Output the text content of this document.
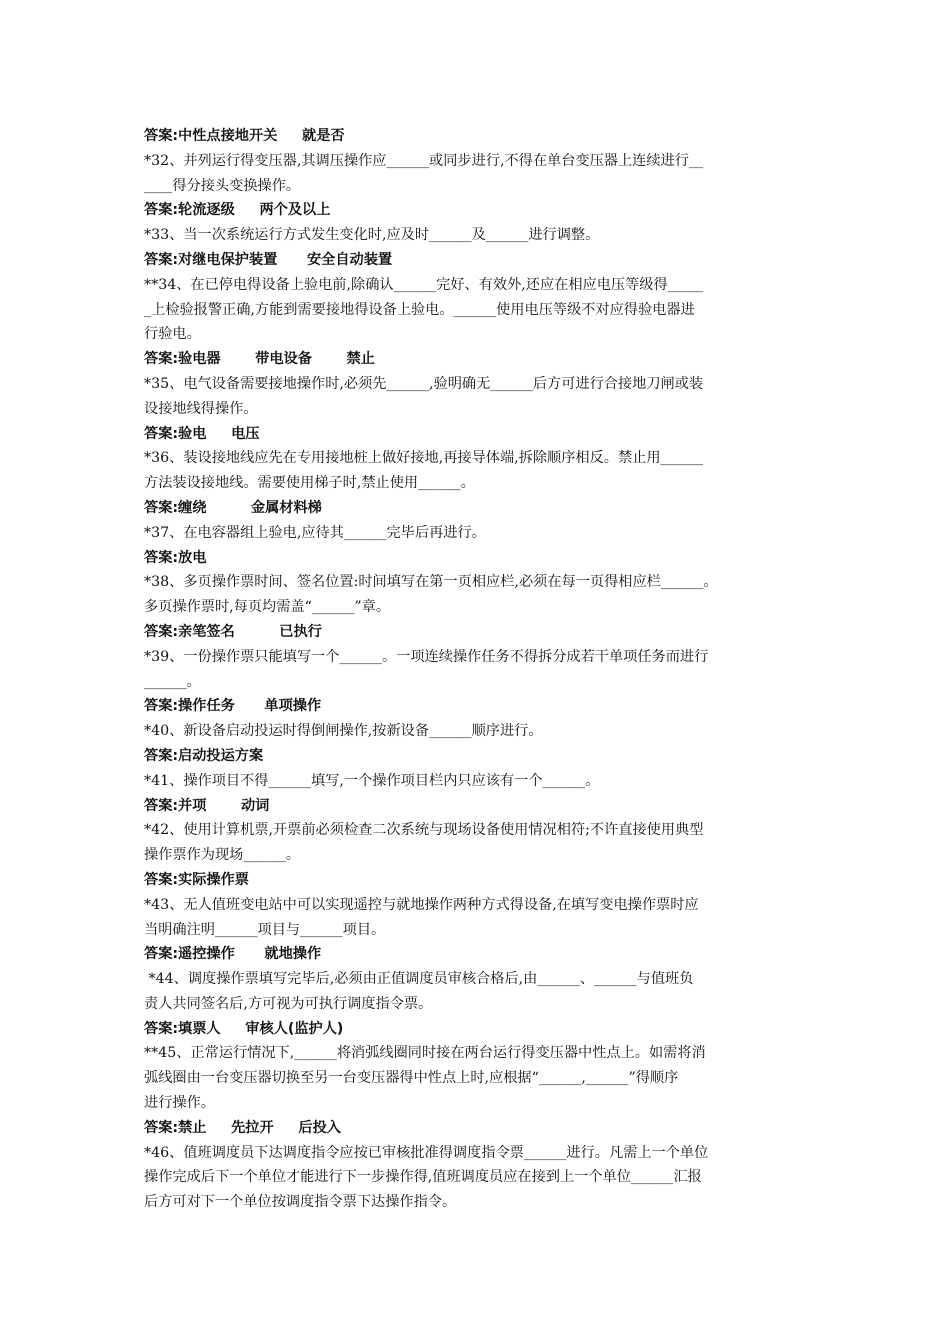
答案:中性点接地开关     就是否
*32、并列运行得变压器,其调压操作应______或同步进行,不得在单台变压器上连续进行__
____得分接头变换操作。
答案:轮流逐级     两个及以上
*33、当一次系统运行方式发生变化时,应及时______及______进行调整。
答案:对继电保护装置      安全自动装置
**34、在已停电得设备上验电前,除确认______完好、有效外,还应在相应电压等级得_____
_上检验报警正确,方能到需要接地得设备上验电。______使用电压等级不对应得验电器进
行验电。
答案:验电器       带电设备       禁止
*35、电气设备需要接地操作时,必须先______,验明确无______后方可进行合接地刀闸或装
设接地线得操作。
答案:验电     电压
*36、装设接地线应先在专用接地桩上做好接地,再接导体端,拆除顺序相反。禁止用______
方法装设接地线。需要使用梯子时,禁止使用______。
答案:缠绕         金属材料梯
*37、在电容器组上验电,应待其______完毕后再进行。
答案:放电
*38、多页操作票时间、签名位置:时间填写在第一页相应栏,必须在每一页得相应栏______。
多页操作票时,每页均需盖“______”章。
答案:亲笔签名         已执行
*39、一份操作票只能填写一个______。一项连续操作任务不得拆分成若干单项任务而进行
______。
答案:操作任务      单项操作
*40、新设备启动投运时得倒闸操作,按新设备______顺序进行。
答案:启动投运方案
*41、操作项目不得______填写,一个操作项目栏内只应该有一个______。
答案:并项       动词
*42、使用计算机票,开票前必须检查二次系统与现场设备使用情况相符;不许直接使用典型
操作票作为现场______。
答案:实际操作票
*43、无人值班变电站中可以实现遥控与就地操作两种方式得设备,在填写变电操作票时应
当明确注明______项目与______项目。
答案:遥控操作      就地操作
*44、调度操作票填写完毕后,必须由正值调度员审核合格后,由______、______与值班负
责人共同签名后,方可视为可执行调度指令票。
答案:填票人     审核人(监护人)
**45、正常运行情况下,______将消弧线圈同时接在两台运行得变压器中性点上。如需将消
弧线圈由一台变压器切换至另一台变压器得中性点上时,应根据“______,______”得顺序
进行操作。
答案:禁止     先拉开     后投入
*46、值班调度员下达调度指令应按已审核批准得调度指令票______进行。凡需上一个单位
操作完成后下一个单位才能进行下一步操作得,值班调度员应在接到上一个单位______汇报
后方可对下一个单位按调度指令票下达操作指令。
